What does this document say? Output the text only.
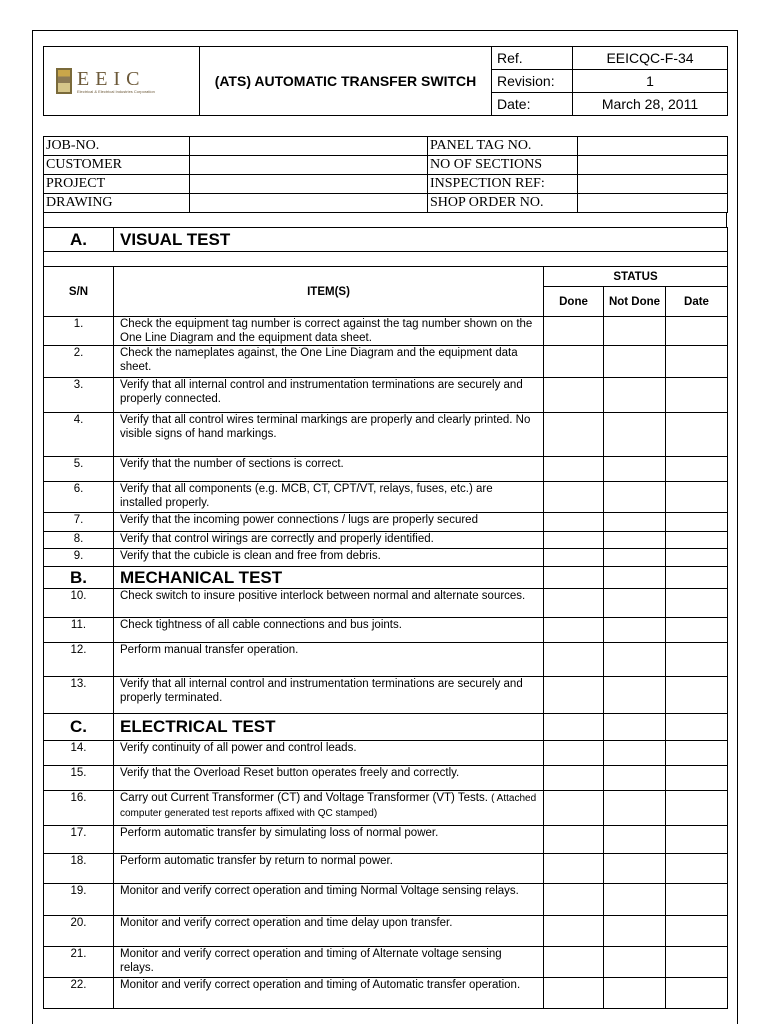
EEIC
Electrical & Electrical Industries Corporation	(ATS) AUTOMATIC TRANSFER SWITCH	Ref.	EEICQC-F-34
		Revision:	1
		Date:	March 28, 2011
JOB-NO.		PANEL TAG NO.	
CUSTOMER		NO OF SECTIONS	
PROJECT		INSPECTION REF:	
DRAWING		SHOP ORDER NO.	
A.	VISUAL TEST			

S/N	ITEM(S)	STATUS		
		Done	Not Done	Date
1.	Check the equipment tag number is correct against the tag number shown on the One Line Diagram and the equipment data sheet.			
2.	Check the nameplates against, the One Line Diagram and the equipment data sheet.			
3.	Verify that all internal control and instrumentation terminations are securely and properly connected.			
4.	Verify that all control wires terminal markings are properly and clearly printed. No visible signs of hand markings.			
5.	Verify that the number of sections is correct.			
6.	Verify that all components (e.g. MCB, CT, CPT/VT, relays, fuses, etc.) are installed properly.			
7.	Verify that the incoming power connections / lugs are properly secured			
8.	Verify that control wirings are correctly and properly identified.			
9.	Verify that the cubicle is clean and free from debris.			
B.	MECHANICAL TEST			
10.	Check switch to insure positive interlock between normal and alternate sources.			
11.	Check tightness of all cable connections and bus joints.			
12.	Perform manual transfer operation.			
13.	Verify that all internal control and instrumentation terminations are securely and properly terminated.			
C.	ELECTRICAL TEST			
14.	Verify continuity of all power and control leads.			
15.	Verify that the Overload Reset button operates freely and correctly.			
16.	Carry out Current Transformer (CT) and Voltage Transformer (VT) Tests. ( Attached computer generated test reports affixed with QC stamped)			
17.	Perform automatic transfer by simulating loss of normal power.			
18.	Perform automatic transfer by return to normal power.			
19.	Monitor and verify correct operation and timing Normal Voltage sensing relays.			
20.	Monitor and verify correct operation and time delay upon transfer.			
21.	Monitor and verify correct operation and timing of Alternate voltage sensing relays.			
22.	Monitor and verify correct operation and timing of Automatic transfer operation.			
